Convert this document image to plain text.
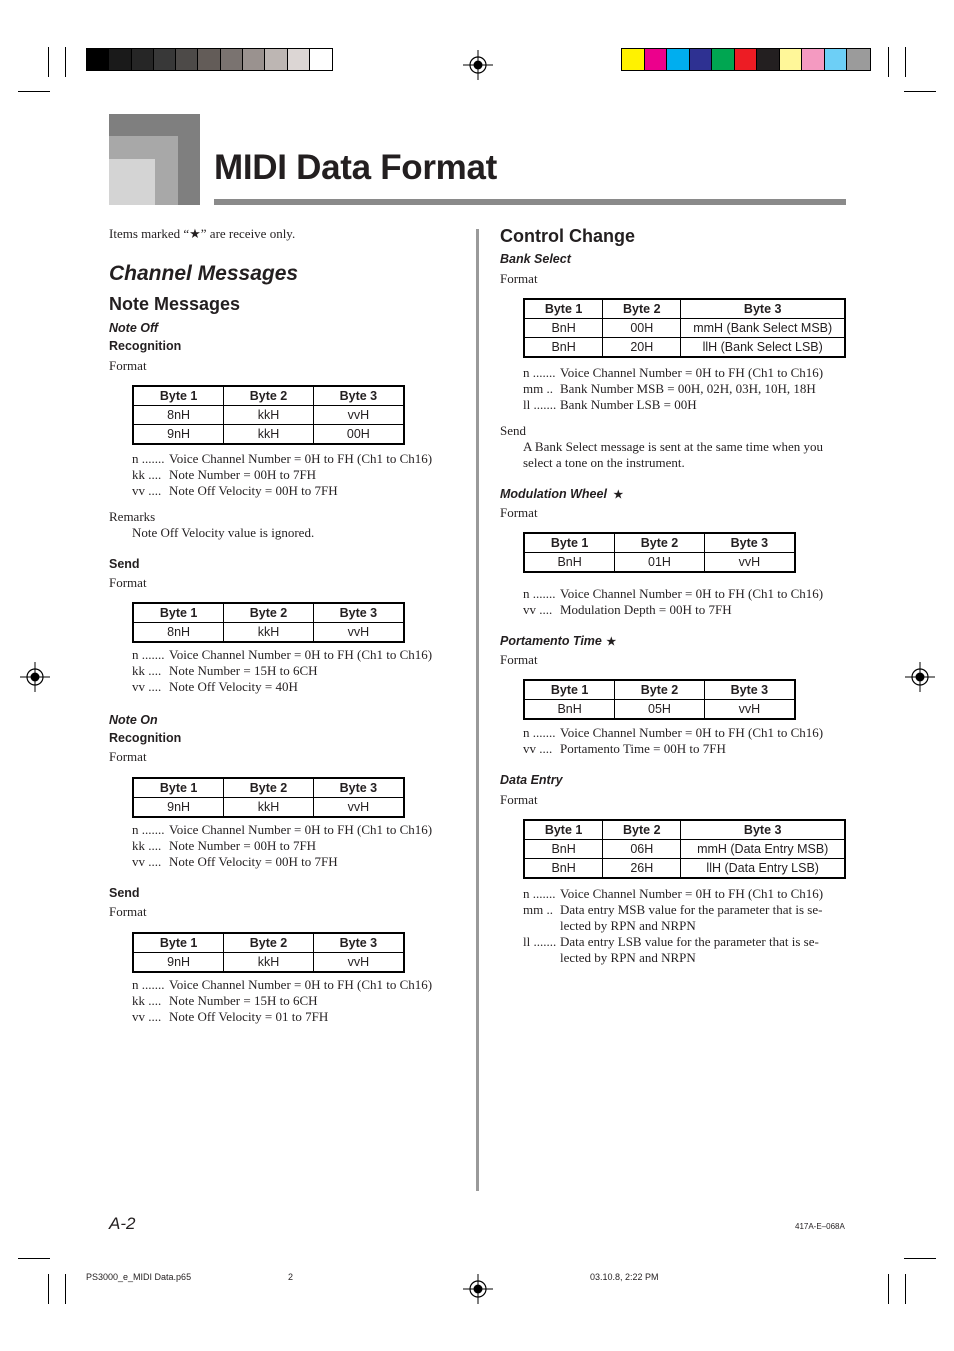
MIDI Data Format
Items marked “★” are receive only.
Channel Messages
Note Messages
Note Off
Recognition
Format
Byte 1	Byte 2	Byte 3
8nH	kkH	vvH
9nH	kkH	00H
n ....... Voice Channel Number = 0H to FH (Ch1 to Ch16)
kk .... Note Number = 00H to 7FH
vv .... Note Off Velocity = 00H to 7FH
Remarks
Note Off Velocity value is ignored.
Send
Format
Byte 1	Byte 2	Byte 3
8nH	kkH	vvH
n ....... Voice Channel Number = 0H to FH (Ch1 to Ch16)
kk .... Note Number = 15H to 6CH
vv .... Note Off Velocity = 40H
Note On
Recognition
Format
Byte 1	Byte 2	Byte 3
9nH	kkH	vvH
n ....... Voice Channel Number = 0H to FH (Ch1 to Ch16)
kk .... Note Number = 00H to 7FH
vv .... Note Off Velocity = 00H to 7FH
Send
Format
Byte 1	Byte 2	Byte 3
9nH	kkH	vvH
n ....... Voice Channel Number = 0H to FH (Ch1 to Ch16)
kk .... Note Number = 15H to 6CH
vv .... Note Off Velocity = 01 to 7FH
Control Change
Bank Select
Format
Byte 1	Byte 2	Byte 3
BnH	00H	mmH (Bank Select MSB)
BnH	20H	llH (Bank Select LSB)
n ....... Voice Channel Number = 0H to FH (Ch1 to Ch16)
mm .. Bank Number MSB = 00H, 02H, 03H, 10H, 18H
ll ....... Bank Number LSB = 00H
Send
A Bank Select message is sent at the same time when you
select a tone on the instrument.
Modulation Wheel ★
Format
Byte 1	Byte 2	Byte 3
BnH	01H	vvH
n ....... Voice Channel Number = 0H to FH (Ch1 to Ch16)
vv .... Modulation Depth = 00H to 7FH
Portamento Time ★
Format
Byte 1	Byte 2	Byte 3
BnH	05H	vvH
n ....... Voice Channel Number = 0H to FH (Ch1 to Ch16)
vv .... Portamento Time = 00H to 7FH
Data Entry
Format
Byte 1	Byte 2	Byte 3
BnH	06H	mmH (Data Entry MSB)
BnH	26H	llH (Data Entry LSB)
n ....... Voice Channel Number = 0H to FH (Ch1 to Ch16)
mm .. Data entry MSB value for the parameter that is se-
lected by RPN and NRPN
ll ....... Data entry LSB value for the parameter that is se-
lected by RPN and NRPN
A-2	417A-E–068A
PS3000_e_MIDI Data.p65	2	03.10.8, 2:22 PM
